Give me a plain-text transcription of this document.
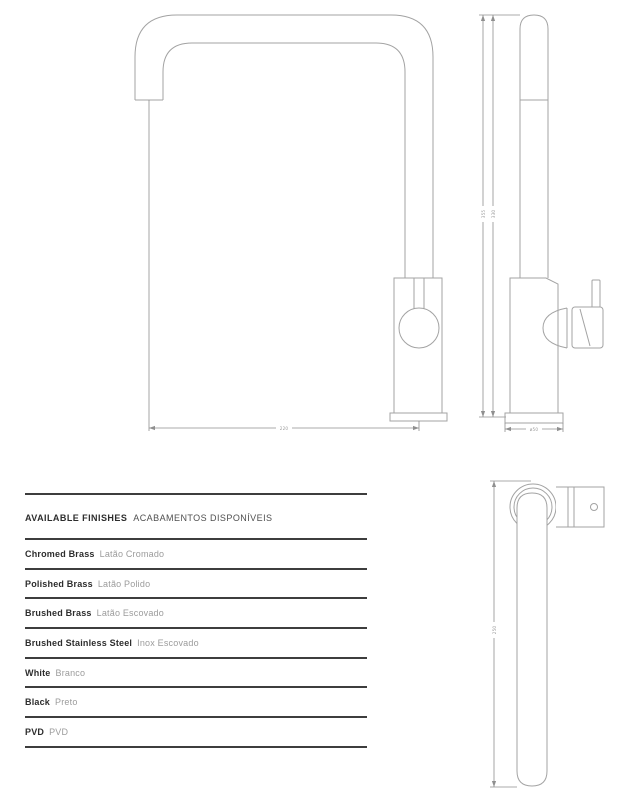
220
355 330
ø50
250
AVAILABLE FINISHES ACABAMENTOS DISPONÍVEIS
Chromed Brass Latão Cromado
Polished Brass Latão Polido
Brushed Brass Latão Escovado
Brushed Stainless Steel Inox Escovado
White Branco
Black Preto
PVD PVD
